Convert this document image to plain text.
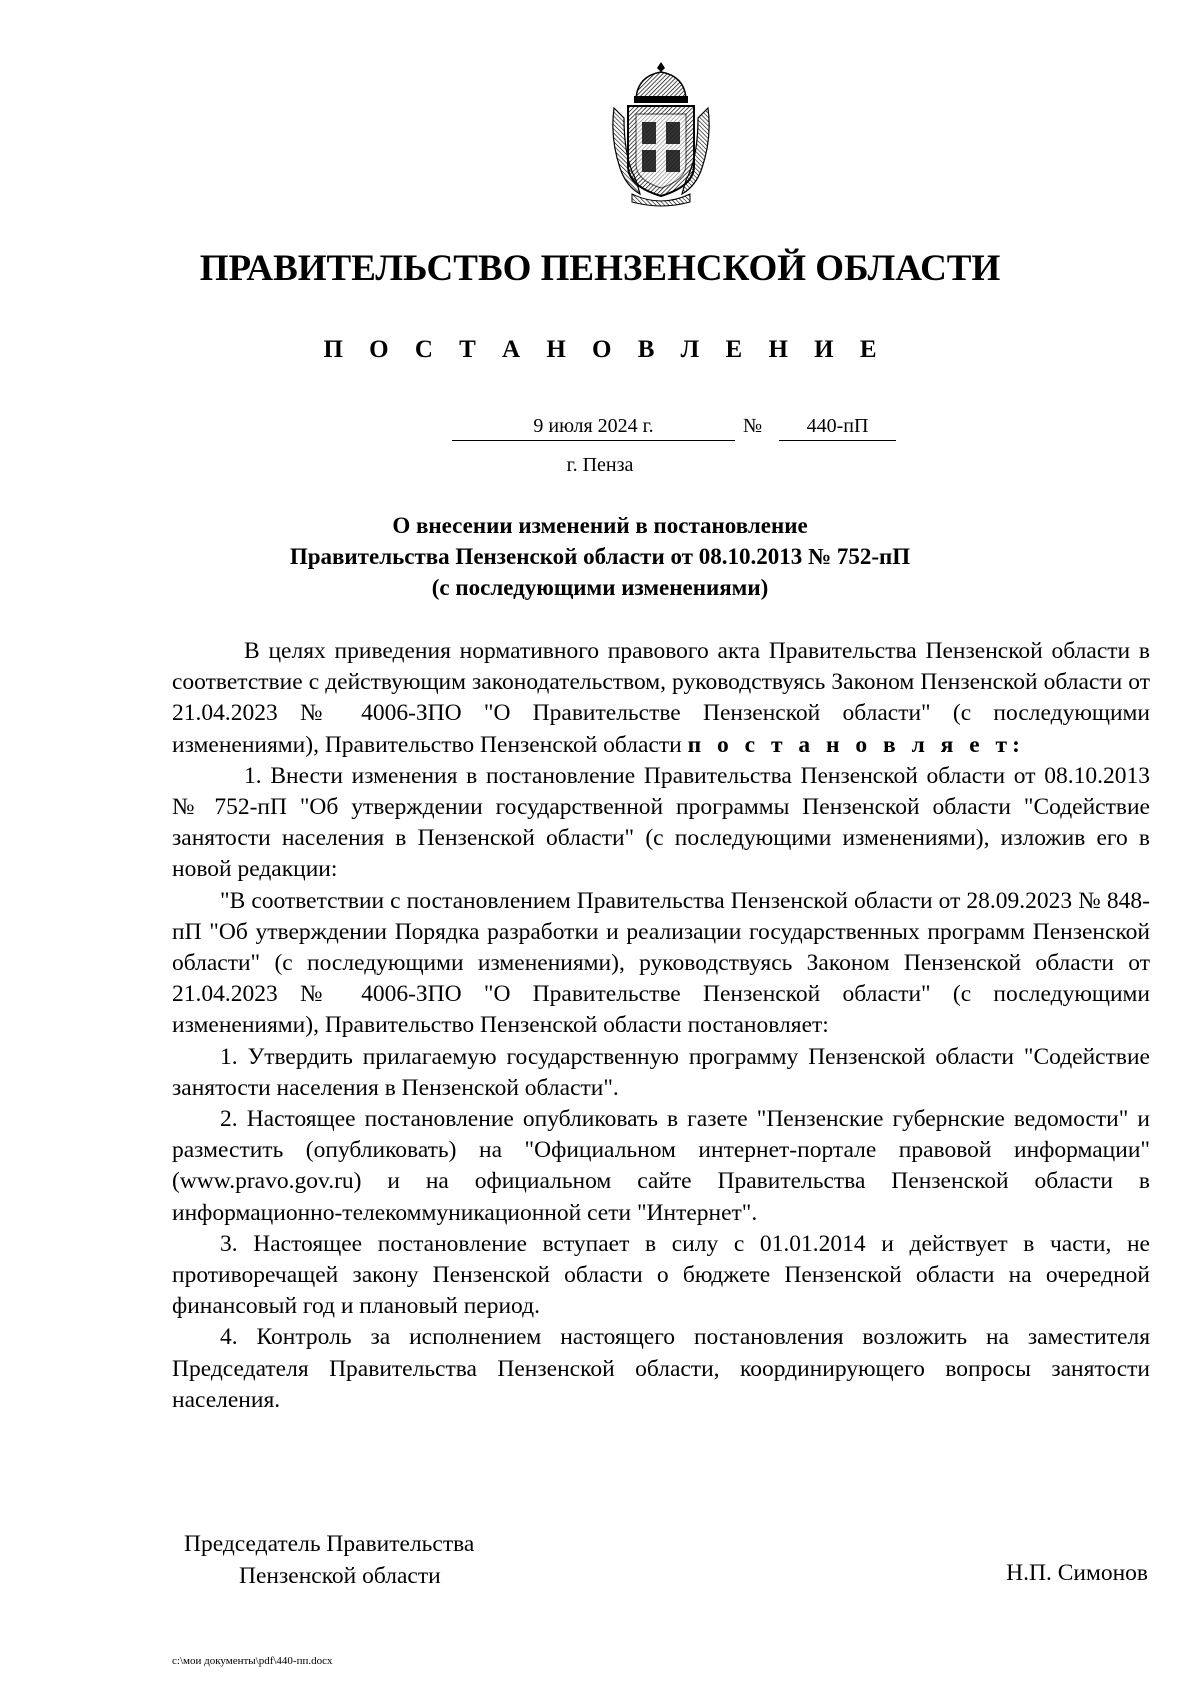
ПРАВИТЕЛЬСТВО ПЕНЗЕНСКОЙ ОБЛАСТИ
П О С Т А Н О В Л Е Н И Е
9 июля 2024 г.	№	440-пП
г. Пенза
О внесении изменений в постановление
Правительства Пензенской области от 08.10.2013 № 752-пП
(с последующими изменениями)

В целях приведения нормативного правового акта Правительства Пензенской области в соответствие с действующим законодательством, руководствуясь Законом Пензенской области от 21.04.2023 № 4006-ЗПО "О Правительстве Пензенской области" (с последующими изменениями), Правительство Пензенской области п о с т а н о в л я е т:

1. Внести изменения в постановление Правительства Пензенской области от 08.10.2013 № 752-пП "Об утверждении государственной программы Пензенской области "Содействие занятости населения в Пензенской области" (с последующими изменениями), изложив его в новой редакции:

"В соответствии с постановлением Правительства Пензенской области от 28.09.2023 № 848-пП "Об утверждении Порядка разработки и реализации государственных программ Пензенской области" (с последующими изменениями), руководствуясь Законом Пензенской области от 21.04.2023 № 4006-ЗПО "О Правительстве Пензенской области" (с последующими изменениями), Правительство Пензенской области постановляет:

1. Утвердить прилагаемую государственную программу Пензенской области "Содействие занятости населения в Пензенской области".

2. Настоящее постановление опубликовать в газете "Пензенские губернские ведомости" и разместить (опубликовать) на "Официальном интернет-портале правовой информации" (www.pravo.gov.ru) и на официальном сайте Правительства Пензенской области в информационно-телекоммуникационной сети "Интернет".

3. Настоящее постановление вступает в силу с 01.01.2014 и действует в части, не противоречащей закону Пензенской области о бюджете Пензенской области на очередной финансовый год и плановый период.

4. Контроль за исполнением настоящего постановления возложить на заместителя Председателя Правительства Пензенской области, координирующего вопросы занятости населения.

Председатель Правительства
Пензенской области	Н.П. Симонов
c:\мои документы\pdf\440-пп.docx
